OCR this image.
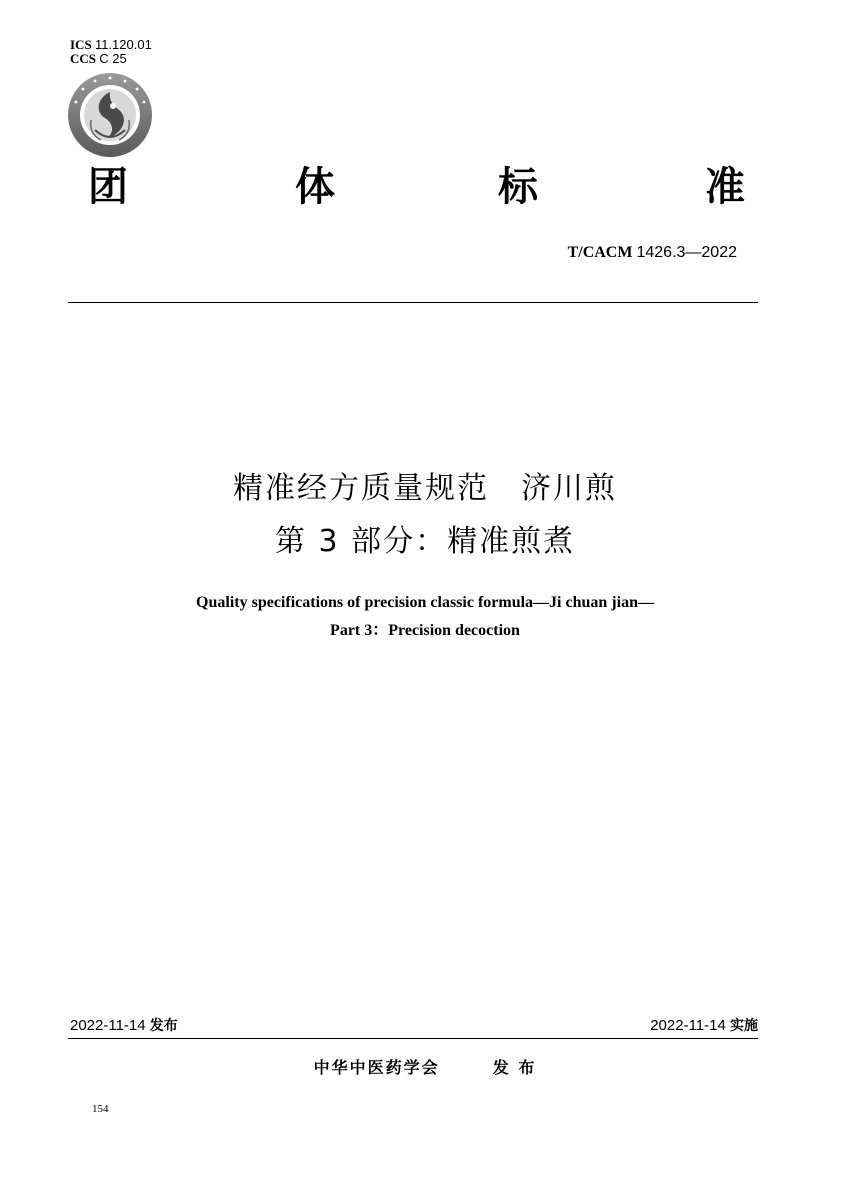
ICS 11.120.01
CCS C 25
团	体	标	准
T/CACM 1426.3—2022
精准经方质量规范　济川煎
第 3 部分：精准煎煮
Quality specifications of precision classic formula—Ji chuan jian—
Part 3：Precision decoction
2022-11-14 发布	2022-11-14 实施
中华中医药学会	发 布
154
